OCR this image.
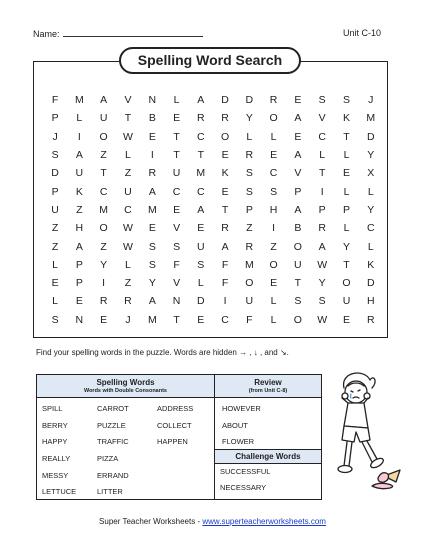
Name:	Unit C-10
Spelling Word Search
F	M	A	V	N	L	A	D	D	R	E	S	S	J
P	L	U	T	B	E	R	R	Y	O	A	V	K	M
J	I	O	W	E	T	C	O	L	L	E	C	T	D
S	A	Z	L	I	T	T	E	R	E	A	L	L	Y
D	U	T	Z	R	U	M	K	S	C	V	T	E	X
P	K	C	U	A	C	C	E	S	S	P	I	L	L
U	Z	M	C	M	E	A	T	P	H	A	P	P	Y
Z	H	O	W	E	V	E	R	Z	I	B	R	L	C
Z	A	Z	W	S	S	U	A	R	Z	O	A	Y	L
L	P	Y	L	S	F	S	F	M	O	U	W	T	K
E	P	I	Z	Y	V	L	F	O	E	T	Y	O	D
L	E	R	R	A	N	D	I	U	L	S	S	U	H
S	N	E	J	M	T	E	C	F	L	O	W	E	R
Find your spelling words in the puzzle. Words are hidden → , ↓ , and ↘.
Spelling Words
Words with Double Consonants
Review
(from Unit C-8)
SPILL
BERRY
HAPPY
REALLY
MESSY
LETTUCE
CARROT
PUZZLE
TRAFFIC
PIZZA
ERRAND
LITTER
ADDRESS
COLLECT
HAPPEN
HOWEVER
ABOUT
FLOWER
Challenge Words
SUCCESSFUL
NECESSARY
Super Teacher Worksheets - www.superteacherworksheets.com
